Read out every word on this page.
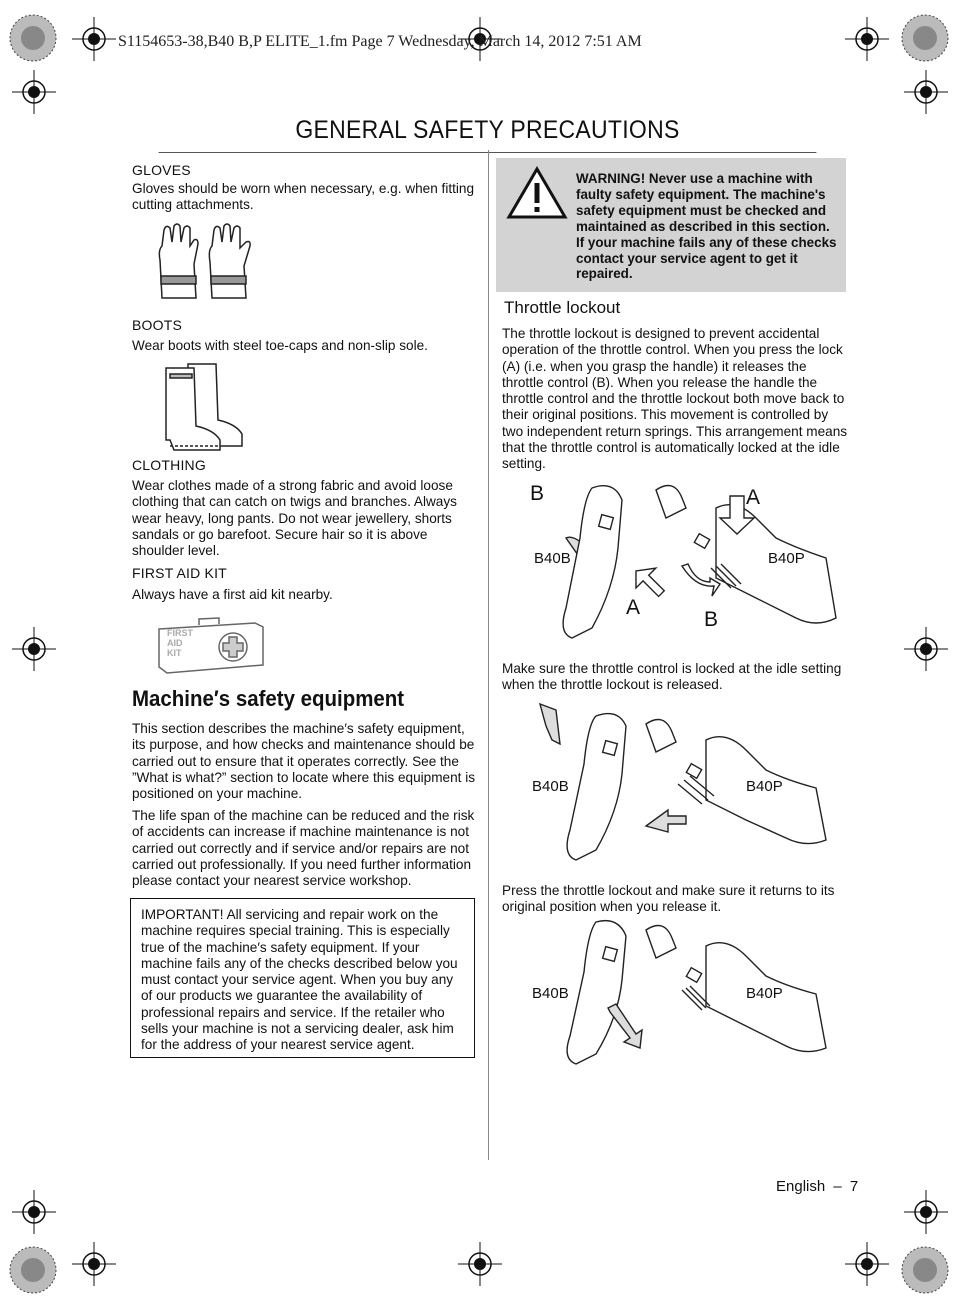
S1154653-38,B40 B,P ELITE_1.fm Page 7 Wednesday, March 14, 2012 7:51 AM
GENERAL SAFETY PRECAUTIONS
GLOVES
Gloves should be worn when necessary, e.g. when fitting cutting attachments.
BOOTS
Wear boots with steel toe-caps and non-slip sole.
CLOTHING
Wear clothes made of a strong fabric and avoid loose clothing that can catch on twigs and branches. Always wear heavy, long pants. Do not wear jewellery, shorts sandals or go barefoot. Secure hair so it is above shoulder level.
FIRST AID KIT
Always have a first aid kit nearby.
FIRST
AID
KIT
Machine′s safety equipment
This section describes the machine′s safety equipment, its purpose, and how checks and maintenance should be carried out to ensure that it operates correctly. See the ”What is what?” section to locate where this equipment is positioned on your machine.
The life span of the machine can be reduced and the risk of accidents can increase if machine maintenance is not carried out correctly and if service and/or repairs are not carried out professionally. If you need further information please contact your nearest service workshop.
IMPORTANT! All servicing and repair work on the machine requires special training. This is especially true of the machine′s safety equipment. If your machine fails any of the checks described below you must contact your service agent. When you buy any of our products we guarantee the availability of professional repairs and service. If the retailer who sells your machine is not a servicing dealer, ask him for the address of your nearest service agent.
WARNING! Never use a machine with faulty safety equipment. The machine's safety equipment must be checked and maintained as described in this section. If your machine fails any of these checks contact your service agent to get it repaired.
Throttle lockout
The throttle lockout is designed to prevent accidental operation of the throttle control. When you press the lock (A) (i.e. when you grasp the handle) it releases the throttle control (B). When you release the handle the throttle control and the throttle lockout both move back to their original positions. This movement is controlled by two independent return springs. This arrangement means that the throttle control is automatically locked at the idle setting.
B	A
B40B	B40P
A
B
Make sure the throttle control is locked at the idle setting when the throttle lockout is released.
B40B	B40P
Press the throttle lockout and make sure it returns to its original position when you release it.
B40B	B40P
English – 7
